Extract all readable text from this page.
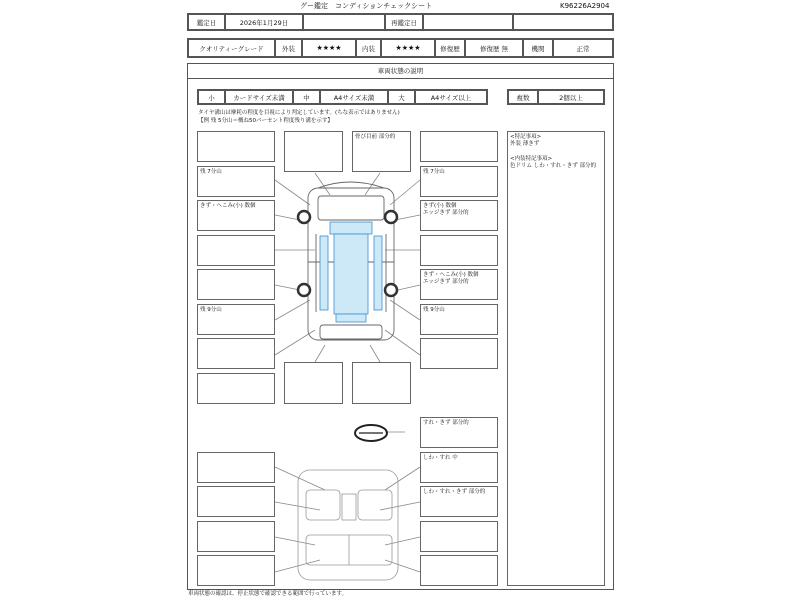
グー鑑定　コンディションチェックシート	K96226A2904
鑑定日	2026年1月29日	再鑑定日
クオリティーグレード	外装	★★★★	内装	★★★★	修復歴	修復歴 無	機関	正常
車両状態の説明
小	カードサイズ未満	中	A4サイズ未満	大	A4サイズ以上	複数	2個以上
タイヤ溝山は摩耗の程度を目視により判定しています。(ちな表示ではありません)
【例 残 5分山＝概ね50パーセント程度残り溝を示す】
<特記事項>
外装 薄きず
<内装特記事項>
色ドリム しわ・すれ・きず 部分的
残 7分山
きず・へこみ(小) 数個
残 9分山
骨び目前 部分的
残 7分山
きず(小) 数個
エッジきず 部分的
きず・へこみ(小) 数個
エッジきず 部分的
残 9分山
すれ・きず 部分的
しわ・すれ 中
しわ・すれ・きず 部分的
車両状態の確認は、停止状態で確認できる範囲で行っています。
